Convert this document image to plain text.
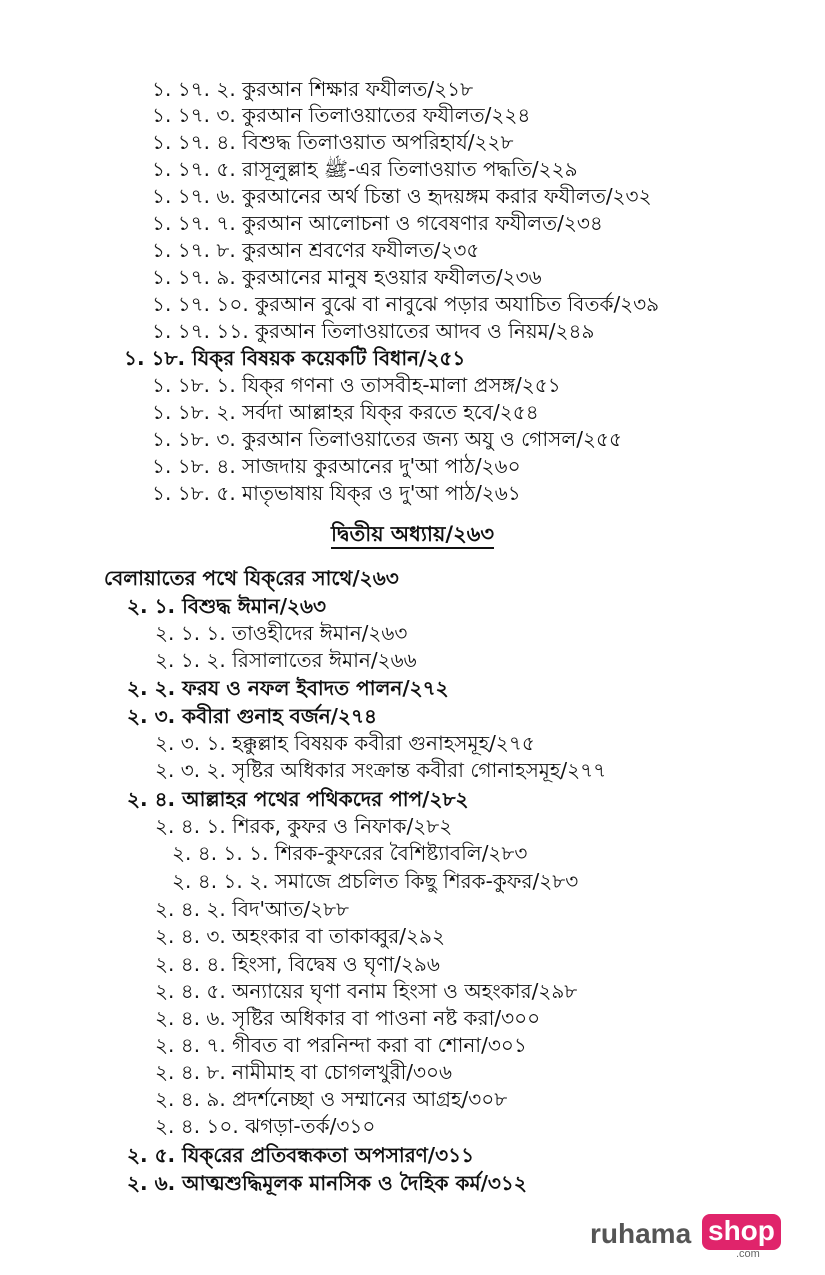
১. ১৭. ২. কুরআন শিক্ষার ফযীলত/২১৮
১. ১৭. ৩. কুরআন তিলাওয়াতের ফযীলত/২২৪
১. ১৭. ৪. বিশুদ্ধ তিলাওয়াত অপরিহার্য/২২৮
১. ১৭. ৫. রাসূলুল্লাহ ﷺ-এর তিলাওয়াত পদ্ধতি/২২৯
১. ১৭. ৬. কুরআনের অর্থ চিন্তা ও হৃদয়ঙ্গম করার ফযীলত/২৩২
১. ১৭. ৭. কুরআন আলোচনা ও গবেষণার ফযীলত/২৩৪
১. ১৭. ৮. কুরআন শ্রবণের ফযীলত/২৩৫
১. ১৭. ৯. কুরআনের মানুষ হওয়ার ফযীলত/২৩৬
১. ১৭. ১০. কুরআন বুঝে বা নাবুঝে পড়ার অযাচিত বিতর্ক/২৩৯
১. ১৭. ১১. কুরআন তিলাওয়াতের আদব ও নিয়ম/২৪৯
১. ১৮. যিক্‌র বিষয়ক কয়েকটি বিধান/২৫১
১. ১৮. ১. যিক্‌র গণনা ও তাসবীহ-মালা প্রসঙ্গ/২৫১
১. ১৮. ২. সর্বদা আল্লাহর যিক্‌র করতে হবে/২৫৪
১. ১৮. ৩. কুরআন তিলাওয়াতের জন্য অযু ও গোসল/২৫৫
১. ১৮. ৪. সাজদায় কুরআনের দু'আ পাঠ/২৬০
১. ১৮. ৫. মাতৃভাষায় যিক্‌র ও দু'আ পাঠ/২৬১
দ্বিতীয় অধ্যায়/২৬৩
বেলায়াতের পথে যিক্‌রের সাথে/২৬৩
২. ১. বিশুদ্ধ ঈমান/২৬৩
২. ১. ১. তাওহীদের ঈমান/২৬৩
২. ১. ২. রিসালাতের ঈমান/২৬৬
২. ২. ফরয ও নফল ইবাদত পালন/২৭২
২. ৩. কবীরা গুনাহ বর্জন/২৭৪
২. ৩. ১. হক্কুল্লাহ বিষয়ক কবীরা গুনাহসমূহ/২৭৫
২. ৩. ২. সৃষ্টির অধিকার সংক্রান্ত কবীরা গোনাহসমূহ/২৭৭
২. ৪. আল্লাহর পথের পথিকদের পাপ/২৮২
২. ৪. ১. শিরক, কুফর ও নিফাক/২৮২
২. ৪. ১. ১. শিরক-কুফরের বৈশিষ্ট্যাবলি/২৮৩
২. ৪. ১. ২. সমাজে প্রচলিত কিছু শিরক-কুফর/২৮৩
২. ৪. ২. বিদ'আত/২৮৮
২. ৪. ৩. অহংকার বা তাকাব্বুর/২৯২
২. ৪. ৪. হিংসা, বিদ্বেষ ও ঘৃণা/২৯৬
২. ৪. ৫. অন্যায়ের ঘৃণা বনাম হিংসা ও অহংকার/২৯৮
২. ৪. ৬. সৃষ্টির অধিকার বা পাওনা নষ্ট করা/৩০০
২. ৪. ৭. গীবত বা পরনিন্দা করা বা শোনা/৩০১
২. ৪. ৮. নামীমাহ বা চোগলখুরী/৩০৬
২. ৪. ৯. প্রদর্শনেচ্ছা ও সম্মানের আগ্রহ/৩০৮
২. ৪. ১০. ঝগড়া-তর্ক/৩১০
২. ৫. যিক্‌রের প্রতিবন্ধকতা অপসারণ/৩১১
২. ৬. আত্মশুদ্ধিমূলক মানসিক ও দৈহিক কর্ম/৩১২
ruhama shop
.com
